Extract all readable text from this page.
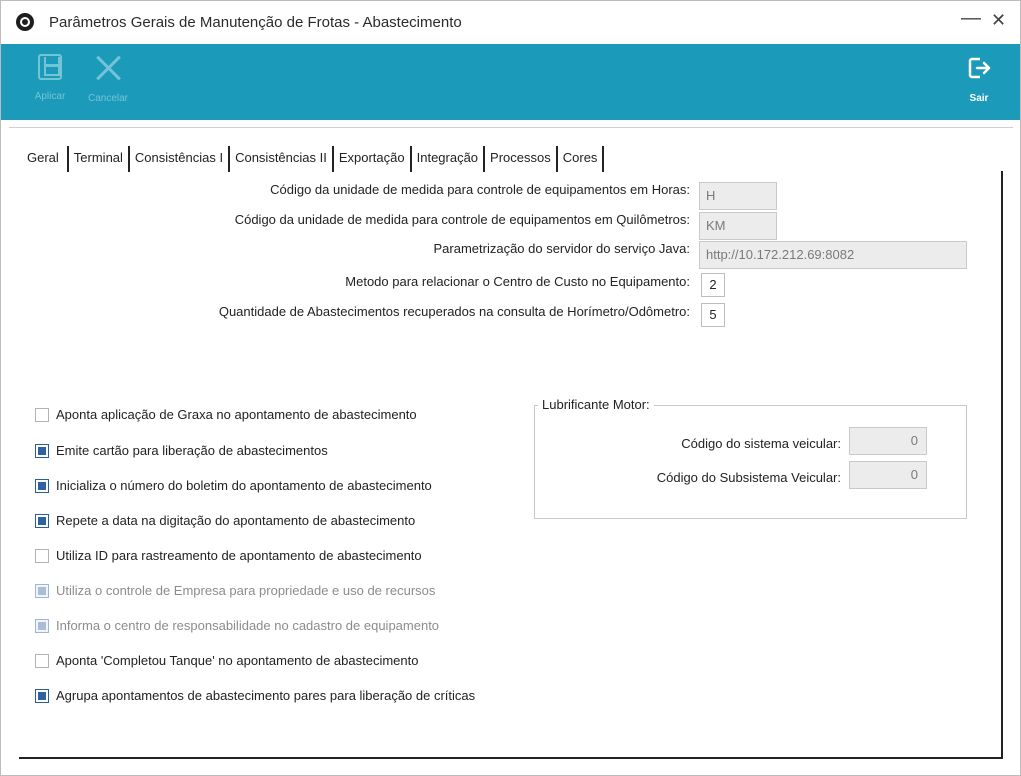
Parâmetros Gerais de Manutenção de Frotas - Abastecimento	— ✕
Aplicar	Cancelar	Sair
Geral	Terminal Consistências I Consistências II Exportação Integração Processos Cores
Código da unidade de medida para controle de equipamentos em Horas:	H
Código da unidade de medida para controle de equipamentos em Quilômetros:	KM
Parametrização do servidor do serviço Java:	http://10.172.212.69:8082
Metodo para relacionar o Centro de Custo no Equipamento:	2
Quantidade de Abastecimentos recuperados na consulta de Horímetro/Odômetro:	5
Aponta aplicação de Graxa no apontamento de abastecimento
Emite cartão para liberação de abastecimentos
Inicializa o número do boletim do apontamento de abastecimento
Repete a data na digitação do apontamento de abastecimento
Utiliza ID para rastreamento de apontamento de abastecimento
Utiliza o controle de Empresa para propriedade e uso de recursos
Informa o centro de responsabilidade no cadastro de equipamento
Aponta 'Completou Tanque' no apontamento de abastecimento
Agrupa apontamentos de abastecimento pares para liberação de críticas
Lubrificante Motor:
Código do sistema veicular:	0
Código do Subsistema Veicular:	0
